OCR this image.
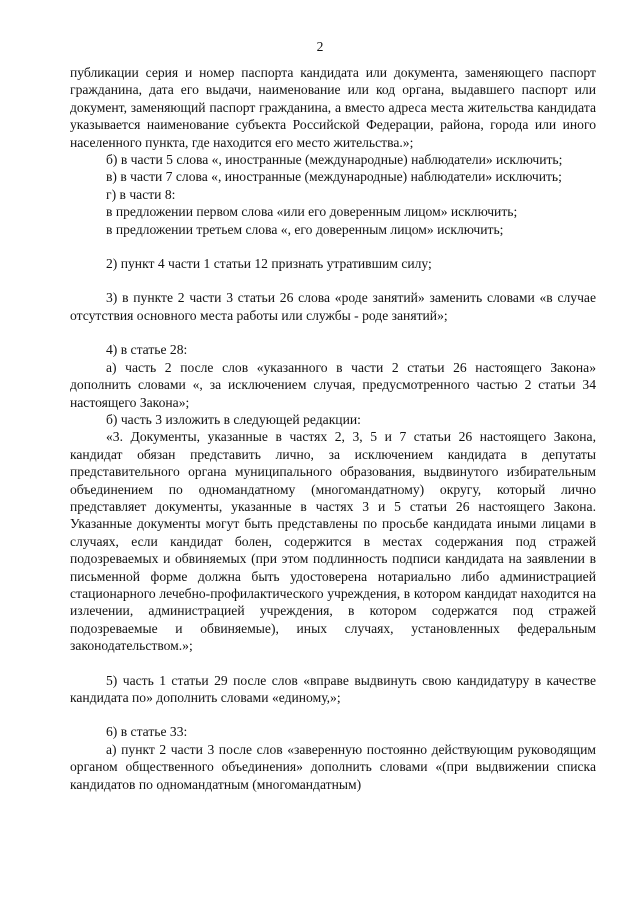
2

публикации серия и номер паспорта кандидата или документа, заменяющего паспорт гражданина, дата его выдачи, наименование или код органа, выдавшего паспорт или документ, заменяющий паспорт гражданина, а вместо адреса места жительства кандидата указывается наименование субъекта Российской Федерации, района, города или иного населенного пункта, где находится его место жительства.»;

б) в части 5 слова «, иностранные (международные) наблюдатели» исключить;

в) в части 7 слова «, иностранные (международные) наблюдатели» исключить;

г) в части 8:

в предложении первом слова «или его доверенным лицом» исключить;

в предложении третьем слова «, его доверенным лицом» исключить;

2) пункт 4 части 1 статьи 12 признать утратившим силу;

3) в пункте 2 части 3 статьи 26 слова «роде занятий» заменить словами «в случае отсутствия основного места работы или службы - роде занятий»;

4) в статье 28:

а) часть 2 после слов «указанного в части 2 статьи 26 настоящего Закона» дополнить словами «, за исключением случая, предусмотренного частью 2 статьи 34 настоящего Закона»;

б) часть 3 изложить в следующей редакции:

«3. Документы, указанные в частях 2, 3, 5 и 7 статьи 26 настоящего Закона, кандидат обязан представить лично, за исключением кандидата в депутаты представительного органа муниципального образования, выдвинутого избирательным объединением по одномандатному (многомандатному) округу, который лично представляет документы, указанные в частях 3 и 5 статьи 26 настоящего Закона. Указанные документы могут быть представлены по просьбе кандидата иными лицами в случаях, если кандидат болен, содержится в местах содержания под стражей подозреваемых и обвиняемых (при этом подлинность подписи кандидата на заявлении в письменной форме должна быть удостоверена нотариально либо администрацией стационарного лечебно-профилактического учреждения, в котором кандидат находится на излечении, администрацией учреждения, в котором содержатся под стражей подозреваемые и обвиняемые), иных случаях, установленных федеральным законодательством.»;

5) часть 1 статьи 29 после слов «вправе выдвинуть свою кандидатуру в качестве кандидата по» дополнить словами «единому,»;

6) в статье 33:

а) пункт 2 части 3 после слов «заверенную постоянно действующим руководящим органом общественного объединения» дополнить словами «(при выдвижении списка кандидатов по одномандатным (многомандатным)
